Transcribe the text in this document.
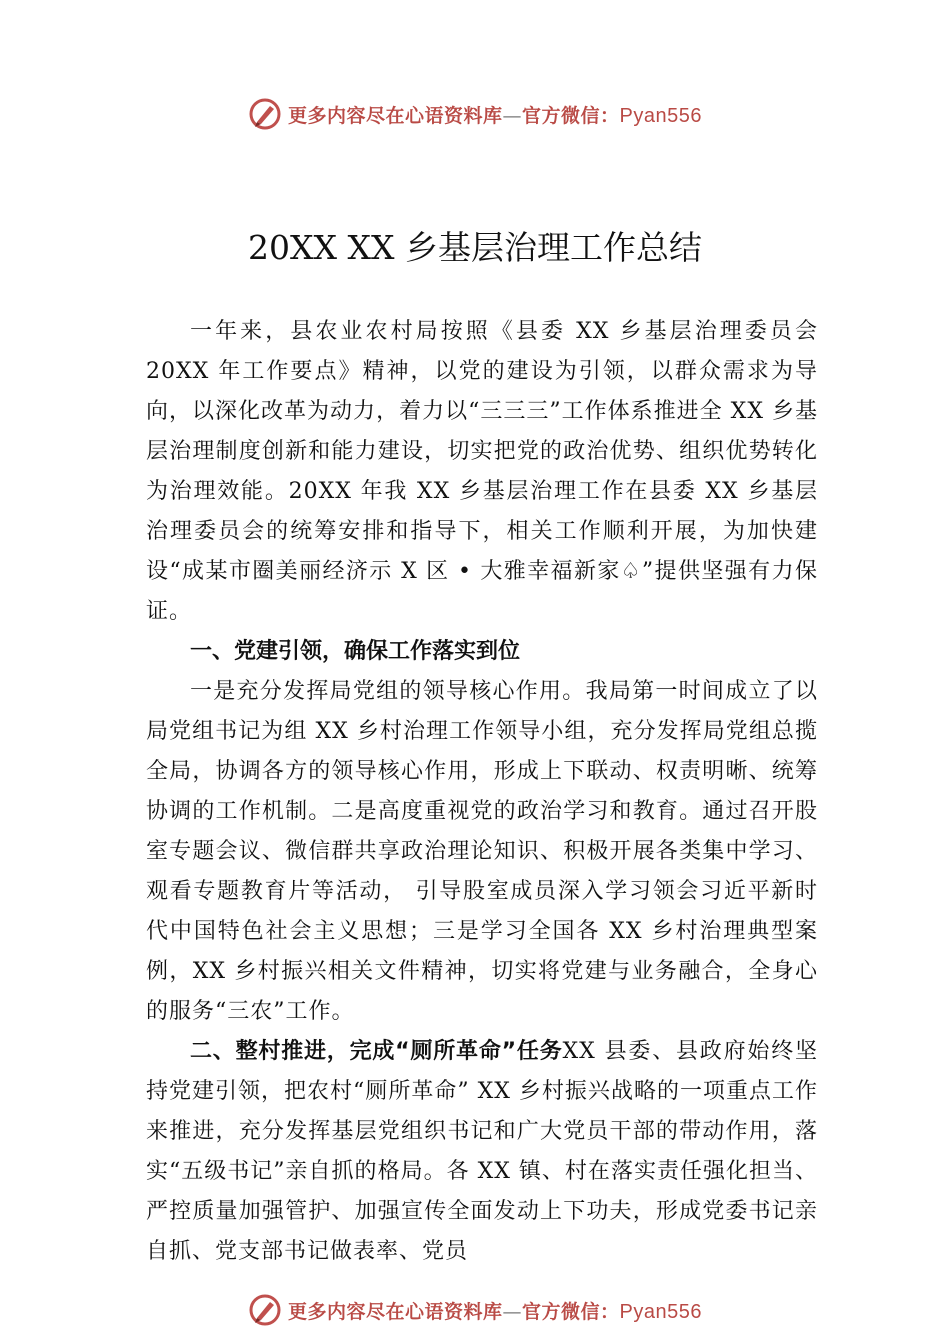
更多内容尽在心语资料库—官方微信：Pyan556
20XX XX 乡基层治理工作总结

一年来，县农业农村局按照《县委 XX 乡基层治理委员会 20XX 年工作要点》精神，以党的建设为引领，以群众需求为导向，以深化改革为动力，着力以“三三三”工作体系推进全 XX 乡基层治理制度创新和能力建设，切实把党的政治优势、组织优势转化为治理效能。20XX 年我 XX 乡基层治理工作在县委 XX 乡基层治理委员会的统筹安排和指导下，相关工作顺利开展，为加快建设“成某市圈美丽经济示 X 区 • 大雅幸福新家♤”提供坚强有力保证。

一、党建引领，确保工作落实到位

一是充分发挥局党组的领导核心作用。我局第一时间成立了以局党组书记为组 XX 乡村治理工作领导小组，充分发挥局党组总揽全局，协调各方的领导核心作用，形成上下联动、权责明晰、统筹协调的工作机制。二是高度重视党的政治学习和教育。通过召开股室专题会议、微信群共享政治理论知识、积极开展各类集中学习、观看专题教育片等活动， 引导股室成员深入学习领会习近平新时代中国特色社会主义思想；三是学习全国各 XX 乡村治理典型案例，XX 乡村振兴相关文件精神，切实将党建与业务融合，全身心的服务“三农”工作。

二、整村推进，完成“厕所革命”任务XX 县委、县政府始终坚持党建引领，把农村“厕所革命” XX 乡村振兴战略的一项重点工作来推进，充分发挥基层党组织书记和广大党员干部的带动作用，落实“五级书记”亲自抓的格局。各 XX 镇、村在落实责任强化担当、严控质量加强管护、加强宣传全面发动上下功夫，形成党委书记亲自抓、党支部书记做表率、党员

更多内容尽在心语资料库—官方微信：Pyan556
